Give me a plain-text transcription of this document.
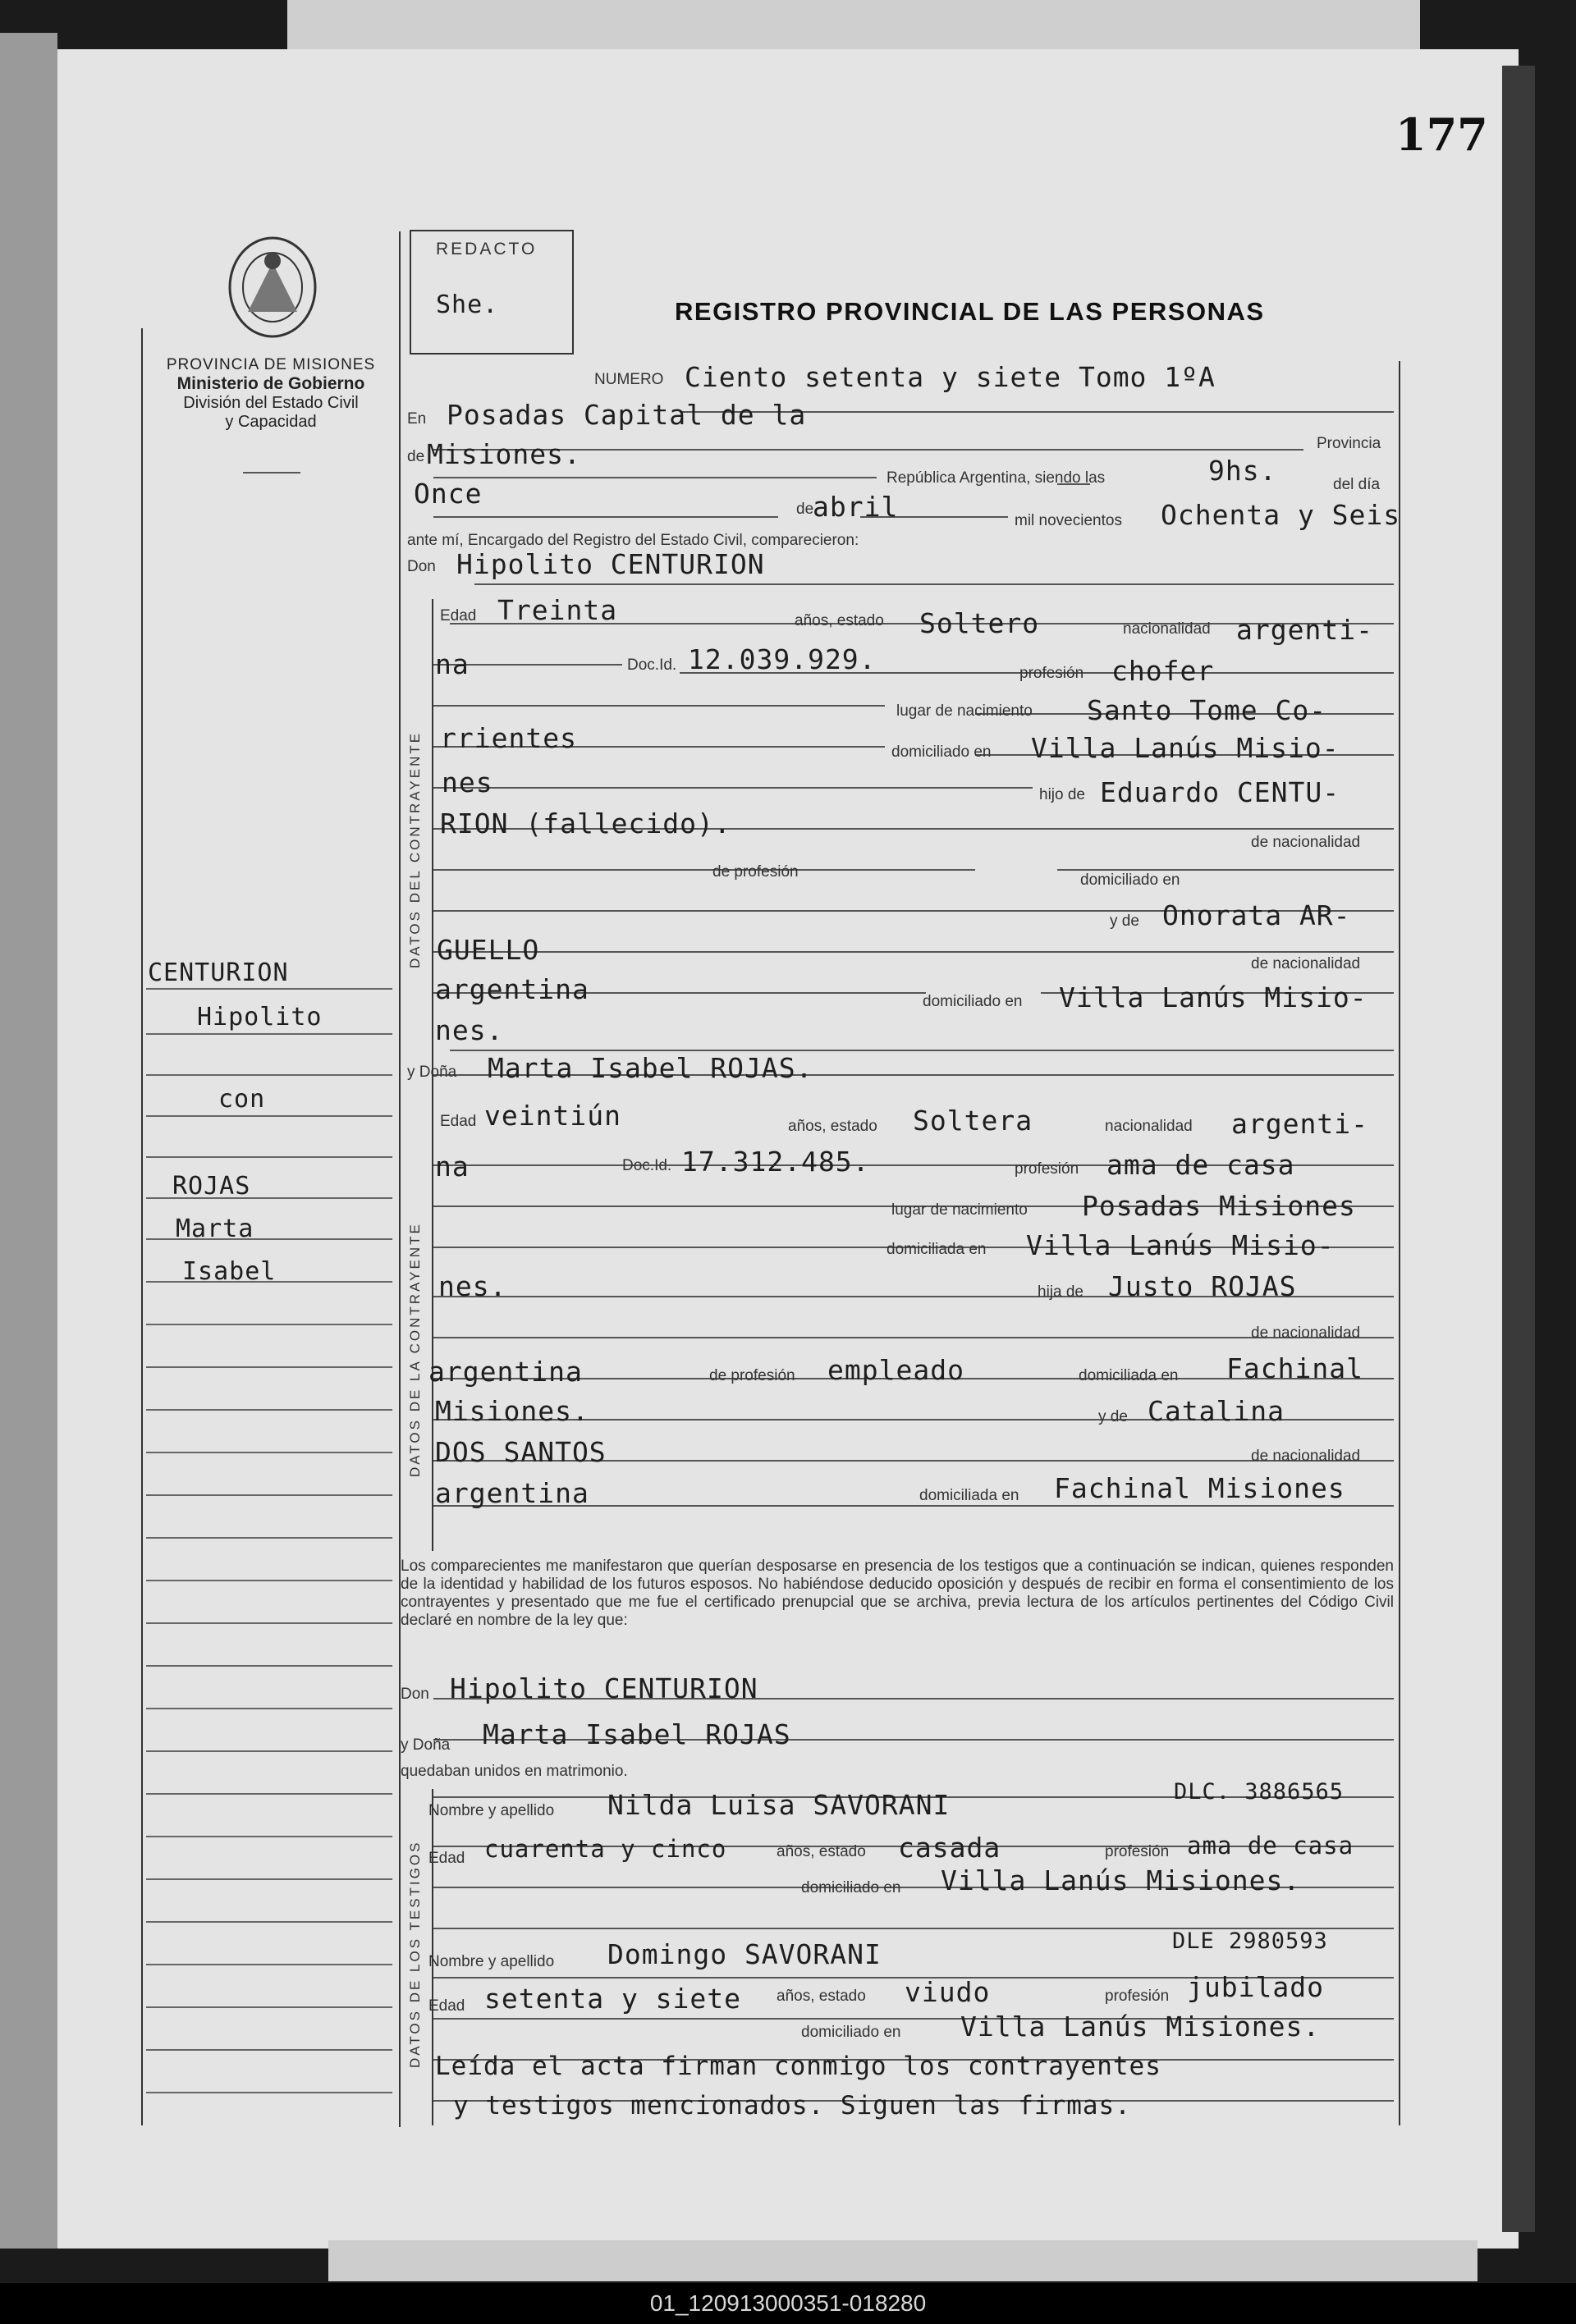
177
PROVINCIA DE MISIONES
Ministerio de Gobierno
División del Estado Civil
y Capacidad
REDACTO
She.	REGISTRO PROVINCIAL DE LAS PERSONAS
CENTURION
Hipolito
con
ROJAS
Marta
Isabel
DATOS DEL CONTRAYENTE
DATOS DE LA CONTRAYENTE
DATOS DE LOS TESTIGOS
NUMERO Ciento setenta y siete Tomo 1ºA
En Posadas Capital de la
Provincia
de Misiones.
República Argentina, siendo las	9hs.	del día
Once	de
abril	mil novecientos Ochenta y Seis
ante mí, Encargado del Registro del Estado Civil, comparecieron:
Don Hipolito CENTURION
Edad Treinta	años, estado Soltero	nacionalidad argenti-
na	Doc.Id. 12.039.929.	profesión chofer
lugar de nacimiento Santo Tome Co-
rrientes	domiciliado en Villa Lanús Misio-
nes	hijo de Eduardo CENTU-
RION (fallecido).
de nacionalidad
de profesión	domiciliado en
y de Onorata AR-
GUELLO	de nacionalidad
argentina	domiciliado en Villa Lanús Misio-
nes.
y Doña Marta Isabel ROJAS.
Edad veintiún	años, estado Soltera	nacionalidad argenti-
na	Doc.Id. 17.312.485.	profesión ama de casa
lugar de nacimiento Posadas Misiones
domiciliada en Villa Lanús Misio-
nes.	hija de Justo ROJAS
de nacionalidad
argentina	de profesión empleado	domiciliada en Fachinal
Misiones.	y de Catalina
DOS SANTOS	de nacionalidad
argentina	domiciliada en Fachinal Misiones
Los comparecientes me manifestaron que querían desposarse en presencia de los testigos que a continuación se indican, quienes responden de la identidad y habilidad de los futuros esposos. No habiéndose deducido oposición y después de recibir en forma el consentimiento de los contrayentes y presentado que me fue el certificado prenupcial que se archiva, previa lectura de los artículos pertinentes del Código Civil declaré en nombre de la ley que:
Don Hipolito CENTURION
y Doña Marta Isabel ROJAS
quedaban unidos en matrimonio.
Nombre y apellido Nilda Luisa SAVORANI	DLC. 3886565
Edad cuarenta y cinco	años, estado casada	profesión ama de casa
domiciliado en Villa Lanús Misiones.
Nombre y apellido Domingo SAVORANI	DLE 2980593
Edad setenta y siete años, estado viudo	profesión jubilado
domiciliado en Villa Lanús Misiones.
Leída el acta firman conmigo los contrayentes
y testigos mencionados. Siguen las firmas.
01_120913000351-018280
